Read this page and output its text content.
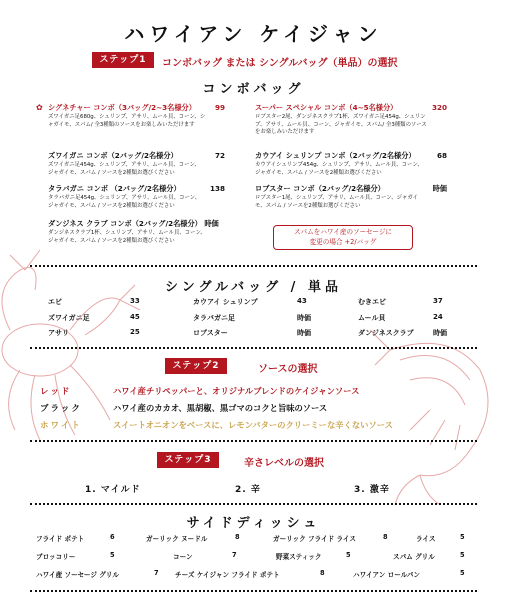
ハワイアン ケイジャン
ステップ1	コンボバッグ または シングルバッグ（単品）の選択
コンボバッグ
✿ シグネチャー コンボ（3バッグ/2~3名様分）	99
ズワイガニ足680g、シュリンプ、アサリ、ムール貝、コーン、シ
ャガイモ、スパム/ 全3種類のソースをお楽しみいただけます
スーパー スペシャル コンボ（4~5名様分）	320
ロブスター2尾、ダンジネスクラブ1杯、ズワイガニ足454g、シュリン
プ、アサリ、ムール貝、コーン、ジャガイモ、スパム/ 全3種類のソース
をお楽しみいただけます
ズワイガニ コンボ（2バッグ/2名様分）	72
ズワイガニ足454g、シュリンプ、アサリ、ムール貝、コーン、
ジャガイモ、スパム / ソースを2種類お選びください
カウアイ シュリンプ コンボ（2バッグ/2名様分）	68
カウアイシュリンプ454g、シュリンプ、アサリ、ムール貝、コーン、
ジャガイモ、スパム / ソースを2種類お選びください
タラバガニ コンボ （2バッグ/2名様分）	138
タラバガニ足454g、シュリンプ、アサリ、ムール貝、コーン、
ジャガイモ、スパム / ソースを2種類お選びください
ロブスター コンボ（2バッグ/2名様分）	時価
ロブスター1尾、シュリンプ、アサリ、ムール貝、コーン、ジャガイ
モ、スパム / ソースを2種類お選びください
ダンジネス クラブ コンボ（2バッグ/2名様分） 時価
ダンジネスクラブ1杯、シュリンプ、アサリ、ムール貝、コーン、
ジャガイモ、スパム / ソースを2種類お選びください
スパムをハワイ産のソーセージに
変更の場合 +2/バッグ
シングルバッグ / 単品
エビ	33	カウアイ シュリンプ	43	むきエビ	37
ズワイガニ足	45	タラバガニ足	時価	ムール貝	24
アサリ	25	ロブスター	時価	ダンジネスクラブ	時価
ステップ2	ソースの選択
レッド	ハワイ産チリペッパーと、オリジナルブレンドのケイジャンソース
ブラック	ハワイ産のカカオ、黒胡椒、黒ゴマのコクと旨味のソース
ホワイト	スイートオニオンをベースに、レモンバターのクリーミーな辛くないソース
ステップ3	辛さレベルの選択
1. マイルド	2. 辛	3. 激辛
サイドディッシュ
フライド ポテト	6	ガーリック ヌードル	8	ガーリック フライド ライス	8	ライス	5
ブロッコリー	5	コーン	7	野菜スティック	5	スパム グリル	5
ハワイ産 ソーセージ グリル	7 チーズ ケイジャン フライド ポテト	8	ハワイアン ロールパン	5
